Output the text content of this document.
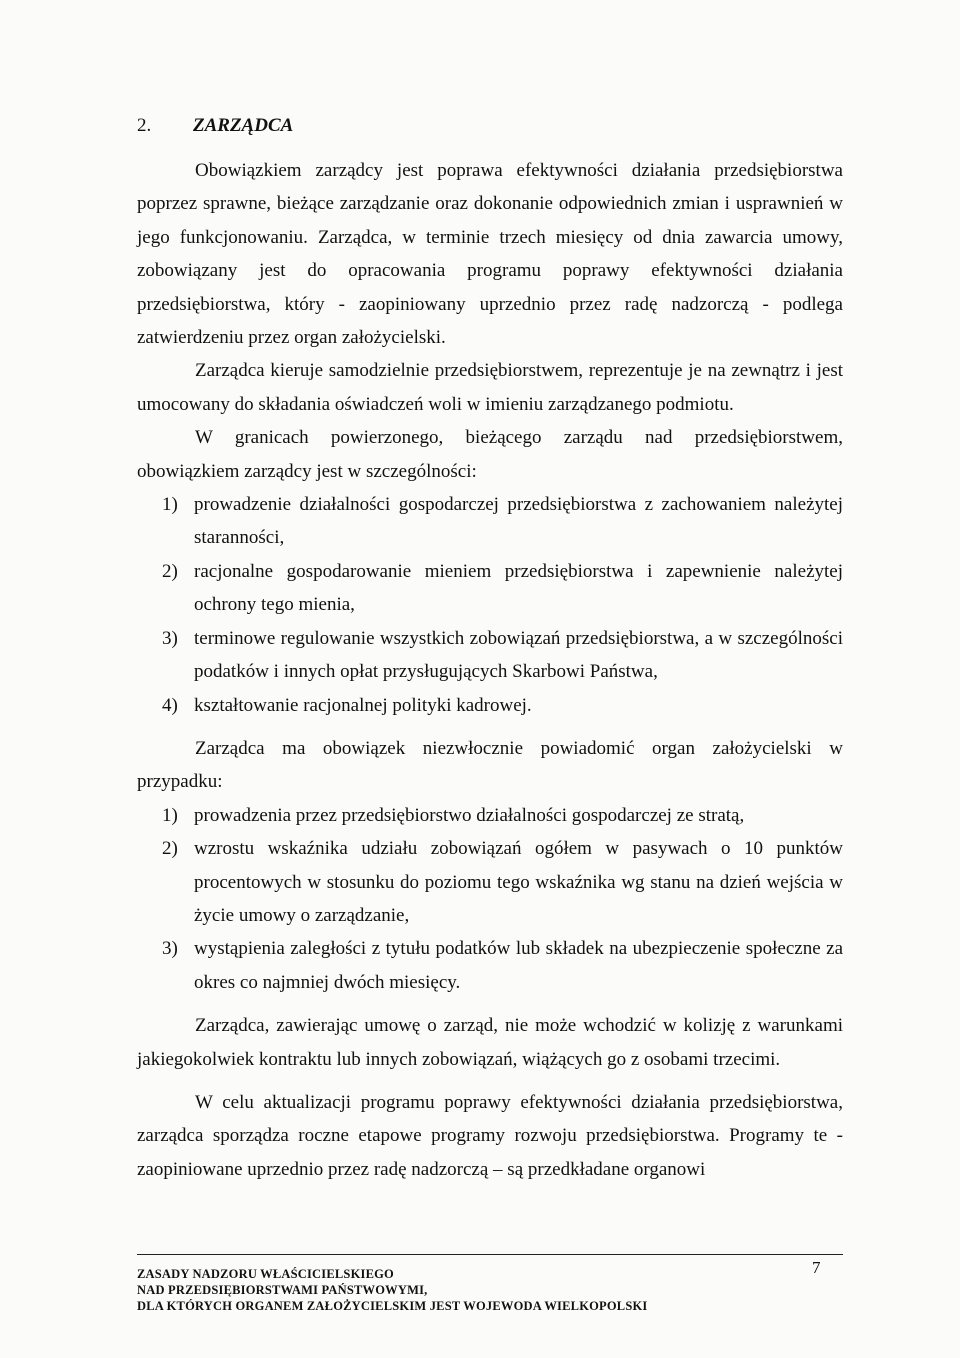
2. ZARZĄDCA

Obowiązkiem zarządcy jest poprawa efektywności działania przedsiębiorstwa poprzez sprawne, bieżące zarządzanie oraz dokonanie odpowiednich zmian i usprawnień w jego funkcjonowaniu. Zarządca, w terminie trzech miesięcy od dnia zawarcia umowy, zobowiązany jest do opracowania programu poprawy efektywności działania przedsiębiorstwa, który - zaopiniowany uprzednio przez radę nadzorczą - podlega zatwierdzeniu przez organ założycielski.

Zarządca kieruje samodzielnie przedsiębiorstwem, reprezentuje je na zewnątrz i jest umocowany do składania oświadczeń woli w imieniu zarządzanego podmiotu.

W granicach powierzonego, bieżącego zarządu nad przedsiębiorstwem, obowiązkiem zarządcy jest w szczególności:

1) prowadzenie działalności gospodarczej przedsiębiorstwa z zachowaniem należytej staranności,
2) racjonalne gospodarowanie mieniem przedsiębiorstwa i zapewnienie należytej ochrony tego mienia,
3) terminowe regulowanie wszystkich zobowiązań przedsiębiorstwa, a w szczególności podatków i innych opłat przysługujących Skarbowi Państwa,
4) kształtowanie racjonalnej polityki kadrowej.

Zarządca ma obowiązek niezwłocznie powiadomić organ założycielski w przypadku:

1) prowadzenia przez przedsiębiorstwo działalności gospodarczej ze stratą,
2) wzrostu wskaźnika udziału zobowiązań ogółem w pasywach o 10 punktów procentowych w stosunku do poziomu tego wskaźnika wg stanu na dzień wejścia w życie umowy o zarządzanie,
3) wystąpienia zaległości z tytułu podatków lub składek na ubezpieczenie społeczne za okres co najmniej dwóch miesięcy.

Zarządca, zawierając umowę o zarząd, nie może wchodzić w kolizję z warunkami jakiegokolwiek kontraktu lub innych zobowiązań, wiążących go z osobami trzecimi.

W celu aktualizacji programu poprawy efektywności działania przedsiębiorstwa, zarządca sporządza roczne etapowe programy rozwoju przedsiębiorstwa. Programy te - zaopiniowane uprzednio przez radę nadzorczą – są przedkładane organowi

7
ZASADY NADZORU WŁAŚCICIELSKIEGO
NAD PRZEDSIĘBIORSTWAMI PAŃSTWOWYMI,
DLA KTÓRYCH ORGANEM ZAŁOŻYCIELSKIM JEST WOJEWODA WIELKOPOLSKI
